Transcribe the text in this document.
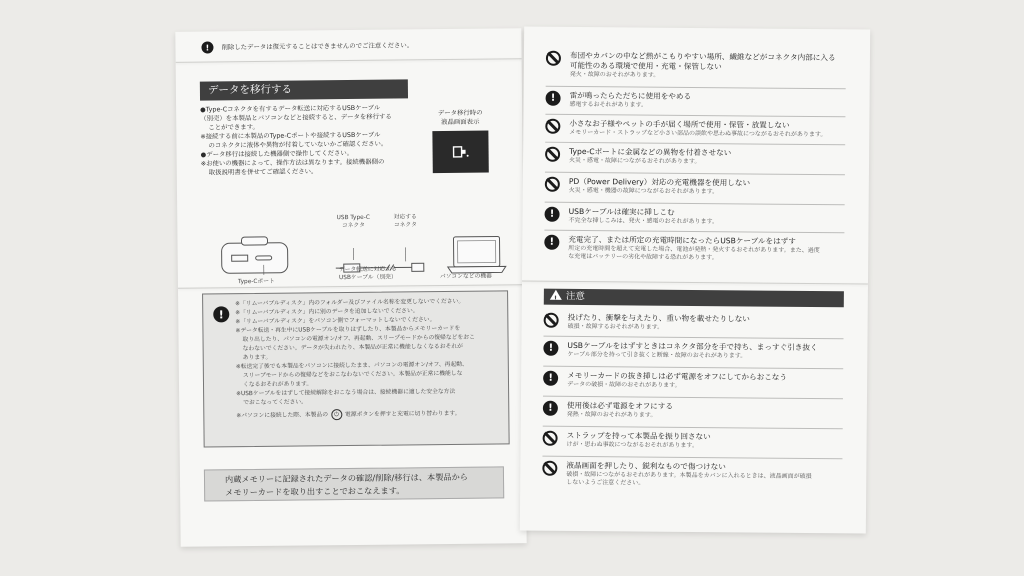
!	削除したデータは復元することはできませんのでご注意ください。
データを移行する

●Type-Cコネクタを有するデータ転送に対応するUSBケーブル

（別売）を本製品とパソコンなどと接続すると、データを移行する

ことができます。

※接続する前に本製品のType-Cポートや接続するUSBケーブル

のコネクタに液体や異物が付着していないかご確認ください。

●データ移行は接続した機器側で操作してください。

※お使いの機器によって、操作方法は異なります。接続機器側の

取扱説明書を併せてご確認ください。

データ移行時の
液晶画面表示
USB Type-C
コネクタ
対応する
コネクタ
Type-Cポート
データ転送に対応する
USBケーブル（別売）	パソコンなどの機器
!

※「リムーバブルディスク」内のフォルダー及びファイル名称を変更しないでください。

※「リムーバブルディスク」内に別のデータを追加しないでください。

※「リムーバブルディスク」をパソコン側でフォーマットしないでください。

※データ転送・再生中にUSBケーブルを取りはずしたり、本製品からメモリーカードを

取り出したり、パソコンの電源オン/オフ、再起動、スリープモードからの復帰などをおこ

なわないでください。データが失われたり、本製品が正常に機能しなくなるおそれが

あります。

※転送完了後でも本製品をパソコンに接続したまま、パソコンの電源オン/オフ、再起動、

スリープモードからの復帰などをおこなわないでください。本製品が正常に機能しな

くなるおそれがあります。

※USBケーブルをはずして接続解除をおこなう場合は、接続機器に適した安全な方法

でおこなってください。

※パソコンに接続した際、本製品の	⏻	電源ボタンを押すと充電に切り替わります。

内蔵メモリーに記録されたデータの確認/削除/移行は、本製品から
メモリーカードを取り出すことでおこなえます。
布団やカバンの中など熱がこもりやすい場所、繊維などがコネクタ内部に入る
可能性のある環境で使用・充電・保管しない
発火・故障のおそれがあります。
!	雷が鳴ったらただちに使用をやめる
感電するおそれがあります。
小さなお子様やペットの手が届く場所で使用・保管・放置しない
メモリーカード・ストラップなど小さい部品の誤飲や思わぬ事故につながるおそれがあります。
Type-Cポートに金属などの異物を付着させない
火災・感電・故障につながるおそれがあります。
PD（Power Delivery）対応の充電機器を使用しない
火災・感電・機器の故障につながるおそれがあります。
!	USBケーブルは確実に挿しこむ
不完全な挿しこみは、発火・感電のおそれがあります。
!	充電完了、または所定の充電時間になったらUSBケーブルをはずす
所定の充電時間を超えて充電した場合、電池が発熱・発火するおそれがあります。また、過度
な充電はバッテリーの劣化や故障する恐れがあります。
!注意
投げたり、衝撃を与えたり、重い物を載せたりしない
破損・故障するおそれがあります。
!	USBケーブルをはずすときはコネクタ部分を手で持ち、まっすぐ引き抜く
ケーブル部分を持って引き抜くと断線・故障のおそれがあります。
!	メモリーカードの抜き挿しは必ず電源をオフにしてからおこなう
データの破損・故障のおそれがあります。
!	使用後は必ず電源をオフにする
発熱・故障のおそれがあります。
ストラップを持って本製品を振り回さない
けが・思わぬ事故につながるおそれがあります。
液晶画面を押したり、鋭利なもので傷つけない
破損・故障につながるおそれがあります。本製品をカバンに入れるときは、液晶画面が破損
しないようご注意ください。
